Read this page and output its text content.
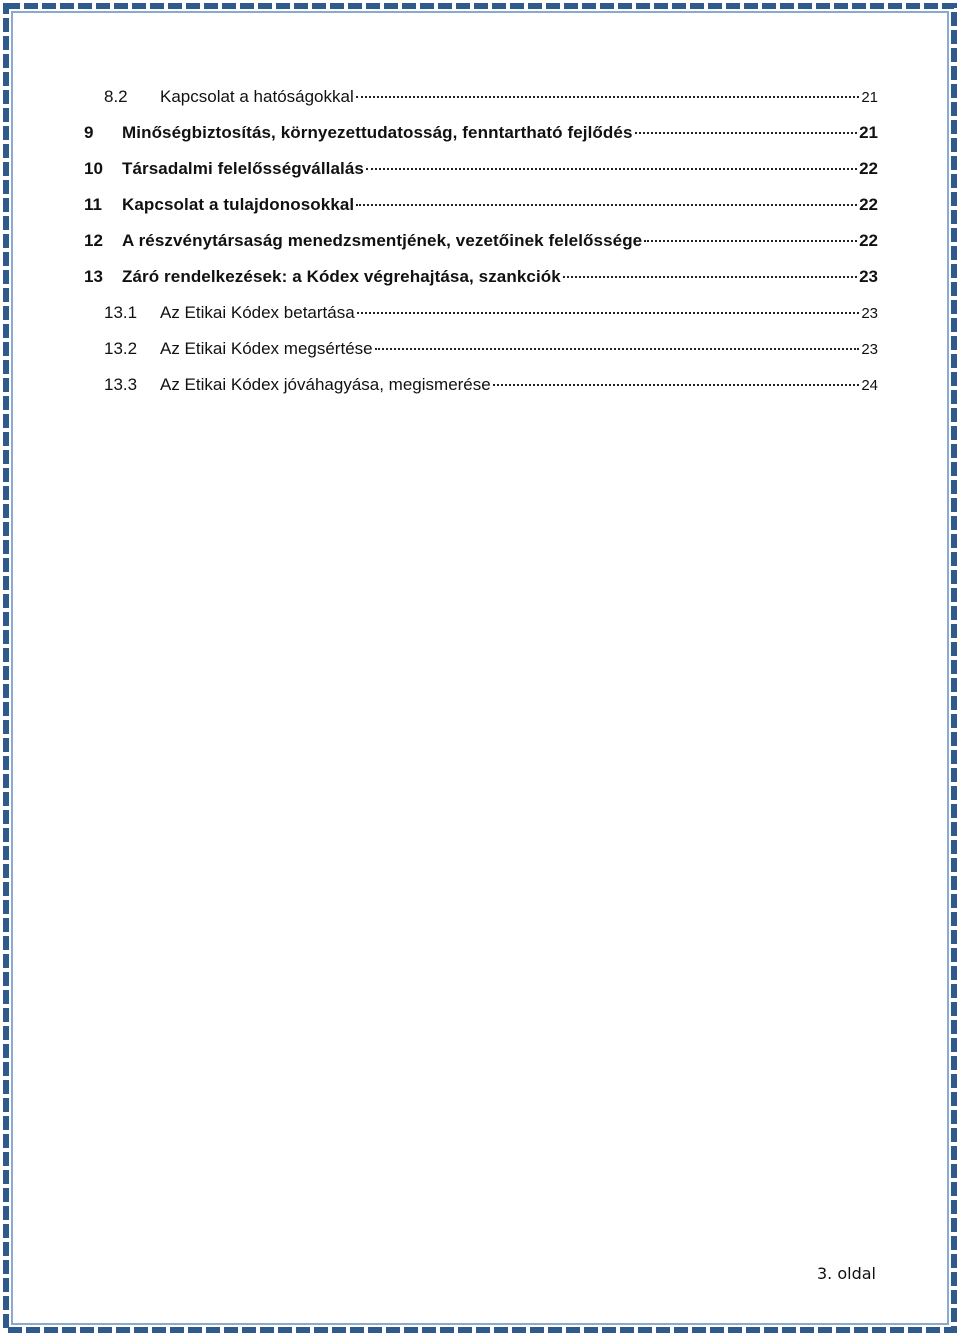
8.2	Kapcsolat a hatóságokkal	21
9	Minőségbiztosítás, környezettudatosság, fenntartható fejlődés	21
10	Társadalmi felelősségvállalás	22
11	Kapcsolat a tulajdonosokkal	22
12	A részvénytársaság menedzsmentjének, vezetőinek felelőssége	22
13	Záró rendelkezések: a Kódex végrehajtása, szankciók	23
13.1	Az Etikai Kódex betartása	23
13.2	Az Etikai Kódex megsértése	23
13.3	Az Etikai Kódex jóváhagyása, megismerése	24
3. oldal
